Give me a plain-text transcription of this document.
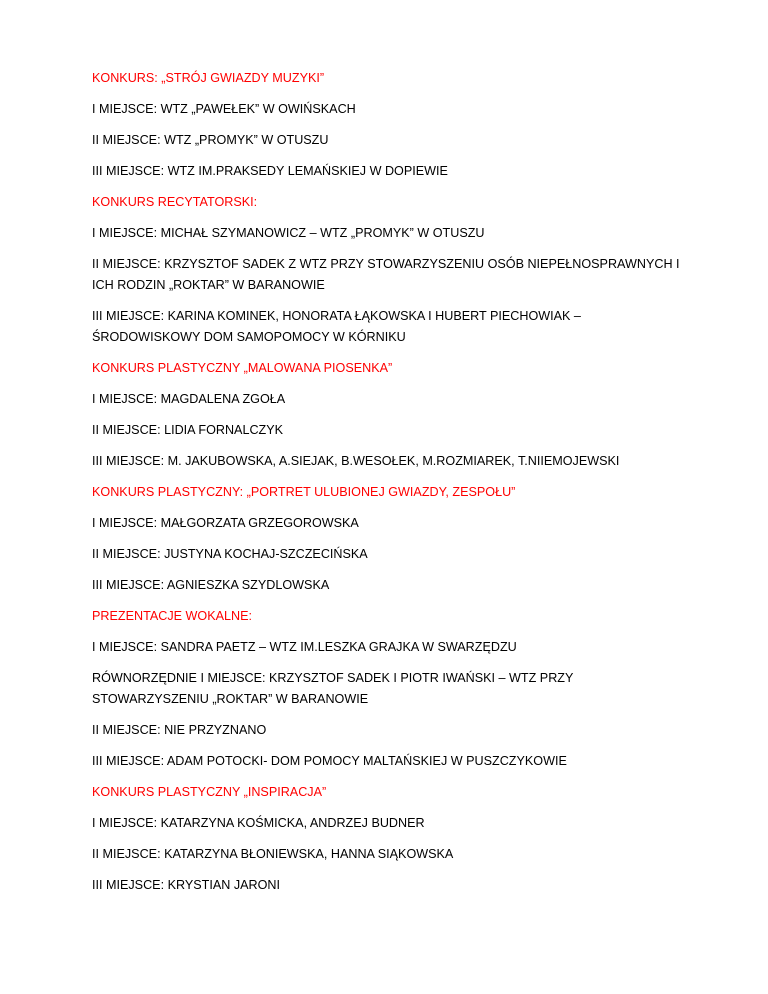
KONKURS: „STRÓJ GWIAZDY MUZYKI”

I MIEJSCE: WTZ „PAWEŁEK” W OWIŃSKACH

II MIEJSCE: WTZ „PROMYK” W OTUSZU

III MIEJSCE: WTZ IM.PRAKSEDY LEMAŃSKIEJ W DOPIEWIE

KONKURS RECYTATORSKI:

I MIEJSCE: MICHAŁ SZYMANOWICZ – WTZ „PROMYK” W OTUSZU

II MIEJSCE: KRZYSZTOF SADEK Z WTZ PRZY STOWARZYSZENIU OSÓB NIEPEŁNOSPRAWNYCH I ICH RODZIN „ROKTAR” W BARANOWIE

III MIEJSCE: KARINA KOMINEK, HONORATA ŁĄKOWSKA I HUBERT PIECHOWIAK – ŚRODOWISKOWY DOM SAMOPOMOCY W KÓRNIKU

KONKURS PLASTYCZNY „MALOWANA PIOSENKA”

I MIEJSCE: MAGDALENA ZGOŁA

II MIEJSCE: LIDIA FORNALCZYK

III MIEJSCE: M. JAKUBOWSKA, A.SIEJAK, B.WESOŁEK, M.ROZMIAREK, T.NIIEMOJEWSKI

KONKURS PLASTYCZNY: „PORTRET ULUBIONEJ GWIAZDY, ZESPOŁU”

I MIEJSCE: MAŁGORZATA GRZEGOROWSKA

II MIEJSCE: JUSTYNA KOCHAJ-SZCZECIŃSKA

III MIEJSCE: AGNIESZKA SZYDLOWSKA

PREZENTACJE WOKALNE:

I MIEJSCE: SANDRA PAETZ – WTZ IM.LESZKA GRAJKA W SWARZĘDZU

RÓWNORZĘDNIE I MIEJSCE: KRZYSZTOF SADEK I PIOTR IWAŃSKI – WTZ PRZY STOWARZYSZENIU „ROKTAR” W BARANOWIE

II MIEJSCE: NIE PRZYZNANO

III MIEJSCE: ADAM POTOCKI- DOM POMOCY MALTAŃSKIEJ W PUSZCZYKOWIE

KONKURS PLASTYCZNY „INSPIRACJA”

I MIEJSCE: KATARZYNA KOŚMICKA, ANDRZEJ BUDNER

II MIEJSCE: KATARZYNA BŁONIEWSKA, HANNA SIĄKOWSKA

III MIEJSCE: KRYSTIAN JARONI
